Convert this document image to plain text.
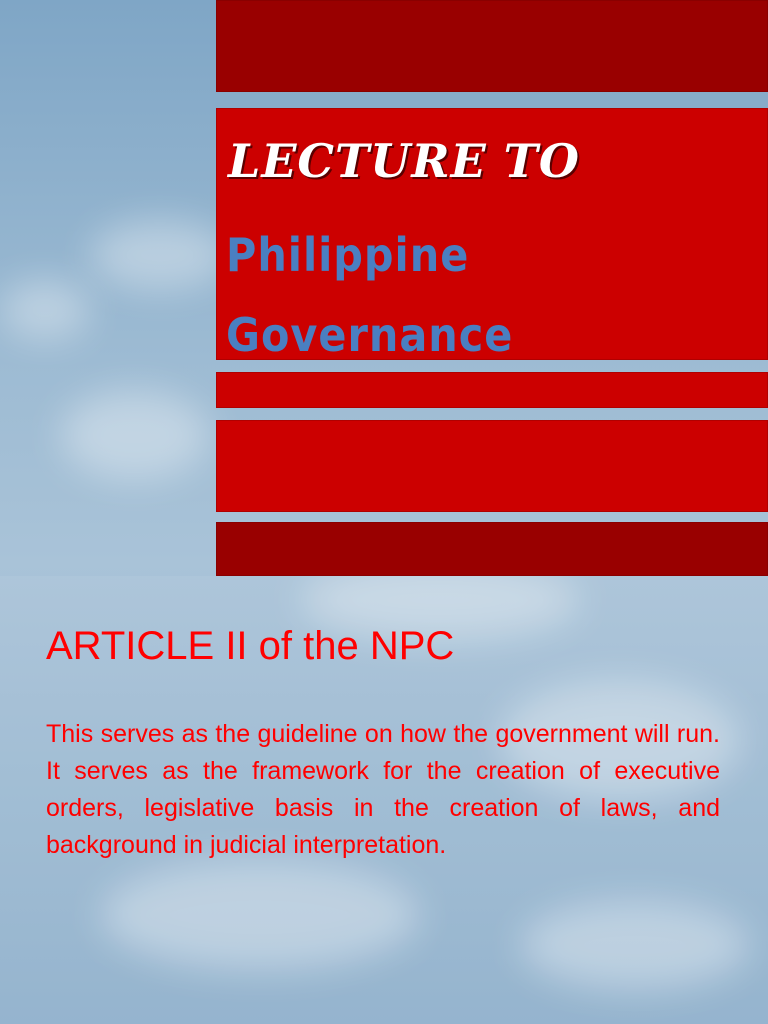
LECTURE TO
Philippine
Governance
ARTICLE II of the NPC
This serves as the guideline on how the government will run. It serves as the framework for the creation of executive orders, legislative basis in the creation of laws, and background in judicial interpretation.
